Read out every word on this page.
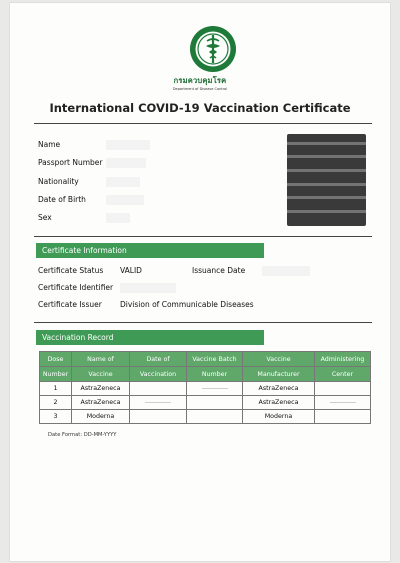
กรมควบคุมโรค
Department of Disease Control
International COVID-19 Vaccination Certificate
Name
Passport Number
Nationality
Date of Birth
Sex
Certificate Information
Certificate Status VALID	Issuance Date
Certificate Identifier
Certificate Issuer Division of Communicable Diseases
Vaccination Record
Dose	Name of	Date of	Vaccine Batch	Vaccine	Administering
Number	Vaccine	Vaccination	Number	Manufacturer	Center
1	AstraZeneca			AstraZeneca	
2	AstraZeneca			AstraZeneca	
3	Moderna			Moderna	
Date Format: DD-MM-YYYY
